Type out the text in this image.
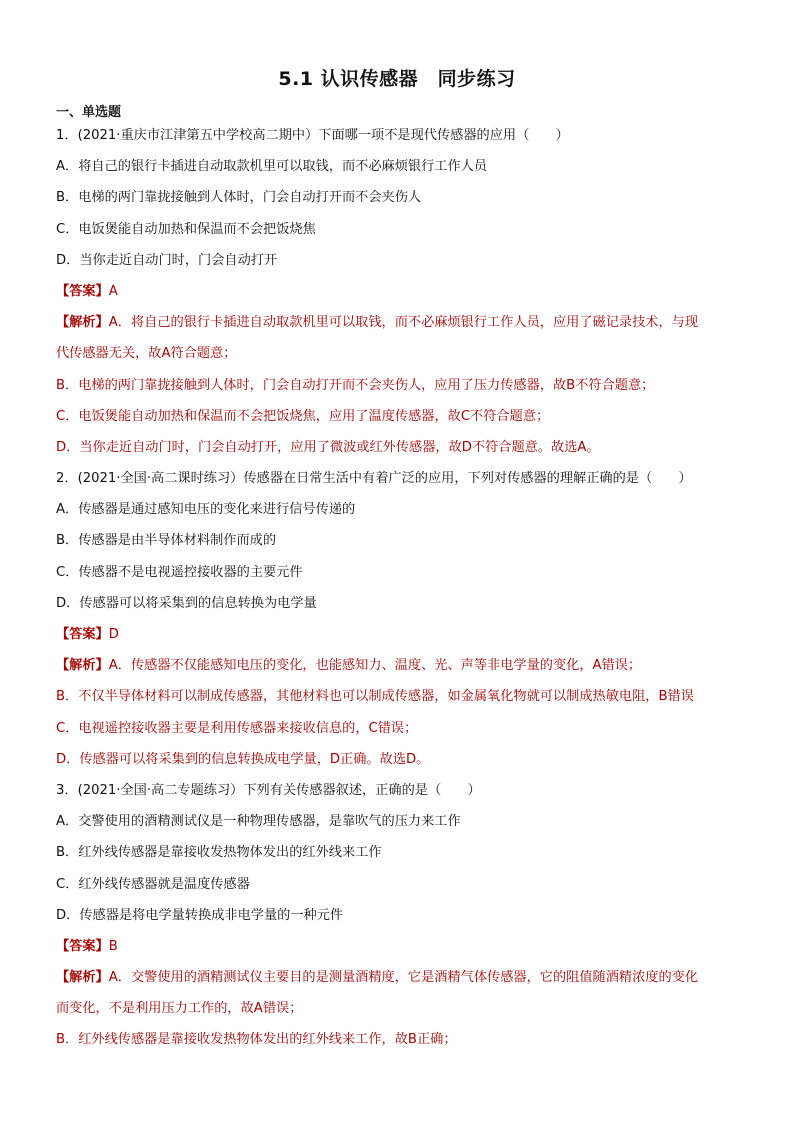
5.1 认识传感器　同步练习
一、单选题
1．(2021·重庆市江津第五中学校高二期中）下面哪一项不是现代传感器的应用（　　）
A．将自己的银行卡插进自动取款机里可以取钱，而不必麻烦银行工作人员
B．电梯的两门靠拢接触到人体时，门会自动打开而不会夹伤人
C．电饭煲能自动加热和保温而不会把饭烧焦
D．当你走近自动门时，门会自动打开
【答案】A
【解析】A．将自己的银行卡插进自动取款机里可以取钱，而不必麻烦银行工作人员，应用了磁记录技术，与现
代传感器无关，故A符合题意；
B．电梯的两门靠拢接触到人体时，门会自动打开而不会夹伤人，应用了压力传感器，故B不符合题意；
C．电饭煲能自动加热和保温而不会把饭烧焦，应用了温度传感器，故C不符合题意；
D．当你走近自动门时，门会自动打开，应用了微波或红外传感器，故D不符合题意。故选A。
2．(2021·全国·高二课时练习）传感器在日常生活中有着广泛的应用，下列对传感器的理解正确的是（　　）
A．传感器是通过感知电压的变化来进行信号传递的
B．传感器是由半导体材料制作而成的
C．传感器不是电视遥控接收器的主要元件
D．传感器可以将采集到的信息转换为电学量
【答案】D
【解析】A．传感器不仅能感知电压的变化，也能感知力、温度、光、声等非电学量的变化，A错误；
B．不仅半导体材料可以制成传感器，其他材料也可以制成传感器，如金属氧化物就可以制成热敏电阻，B错误
C．电视遥控接收器主要是利用传感器来接收信息的，C错误；
D．传感器可以将采集到的信息转换成电学量，D正确。故选D。
3．(2021·全国·高二专题练习）下列有关传感器叙述，正确的是（　　）
A．交警使用的酒精测试仪是一种物理传感器，是靠吹气的压力来工作
B．红外线传感器是靠接收发热物体发出的红外线来工作
C．红外线传感器就是温度传感器
D．传感器是将电学量转换成非电学量的一种元件
【答案】B
【解析】A．交警使用的酒精测试仪主要目的是测量酒精度，它是酒精气体传感器，它的阻值随酒精浓度的变化
而变化，不是利用压力工作的，故A错误；
B．红外线传感器是靠接收发热物体发出的红外线来工作，故B正确；
